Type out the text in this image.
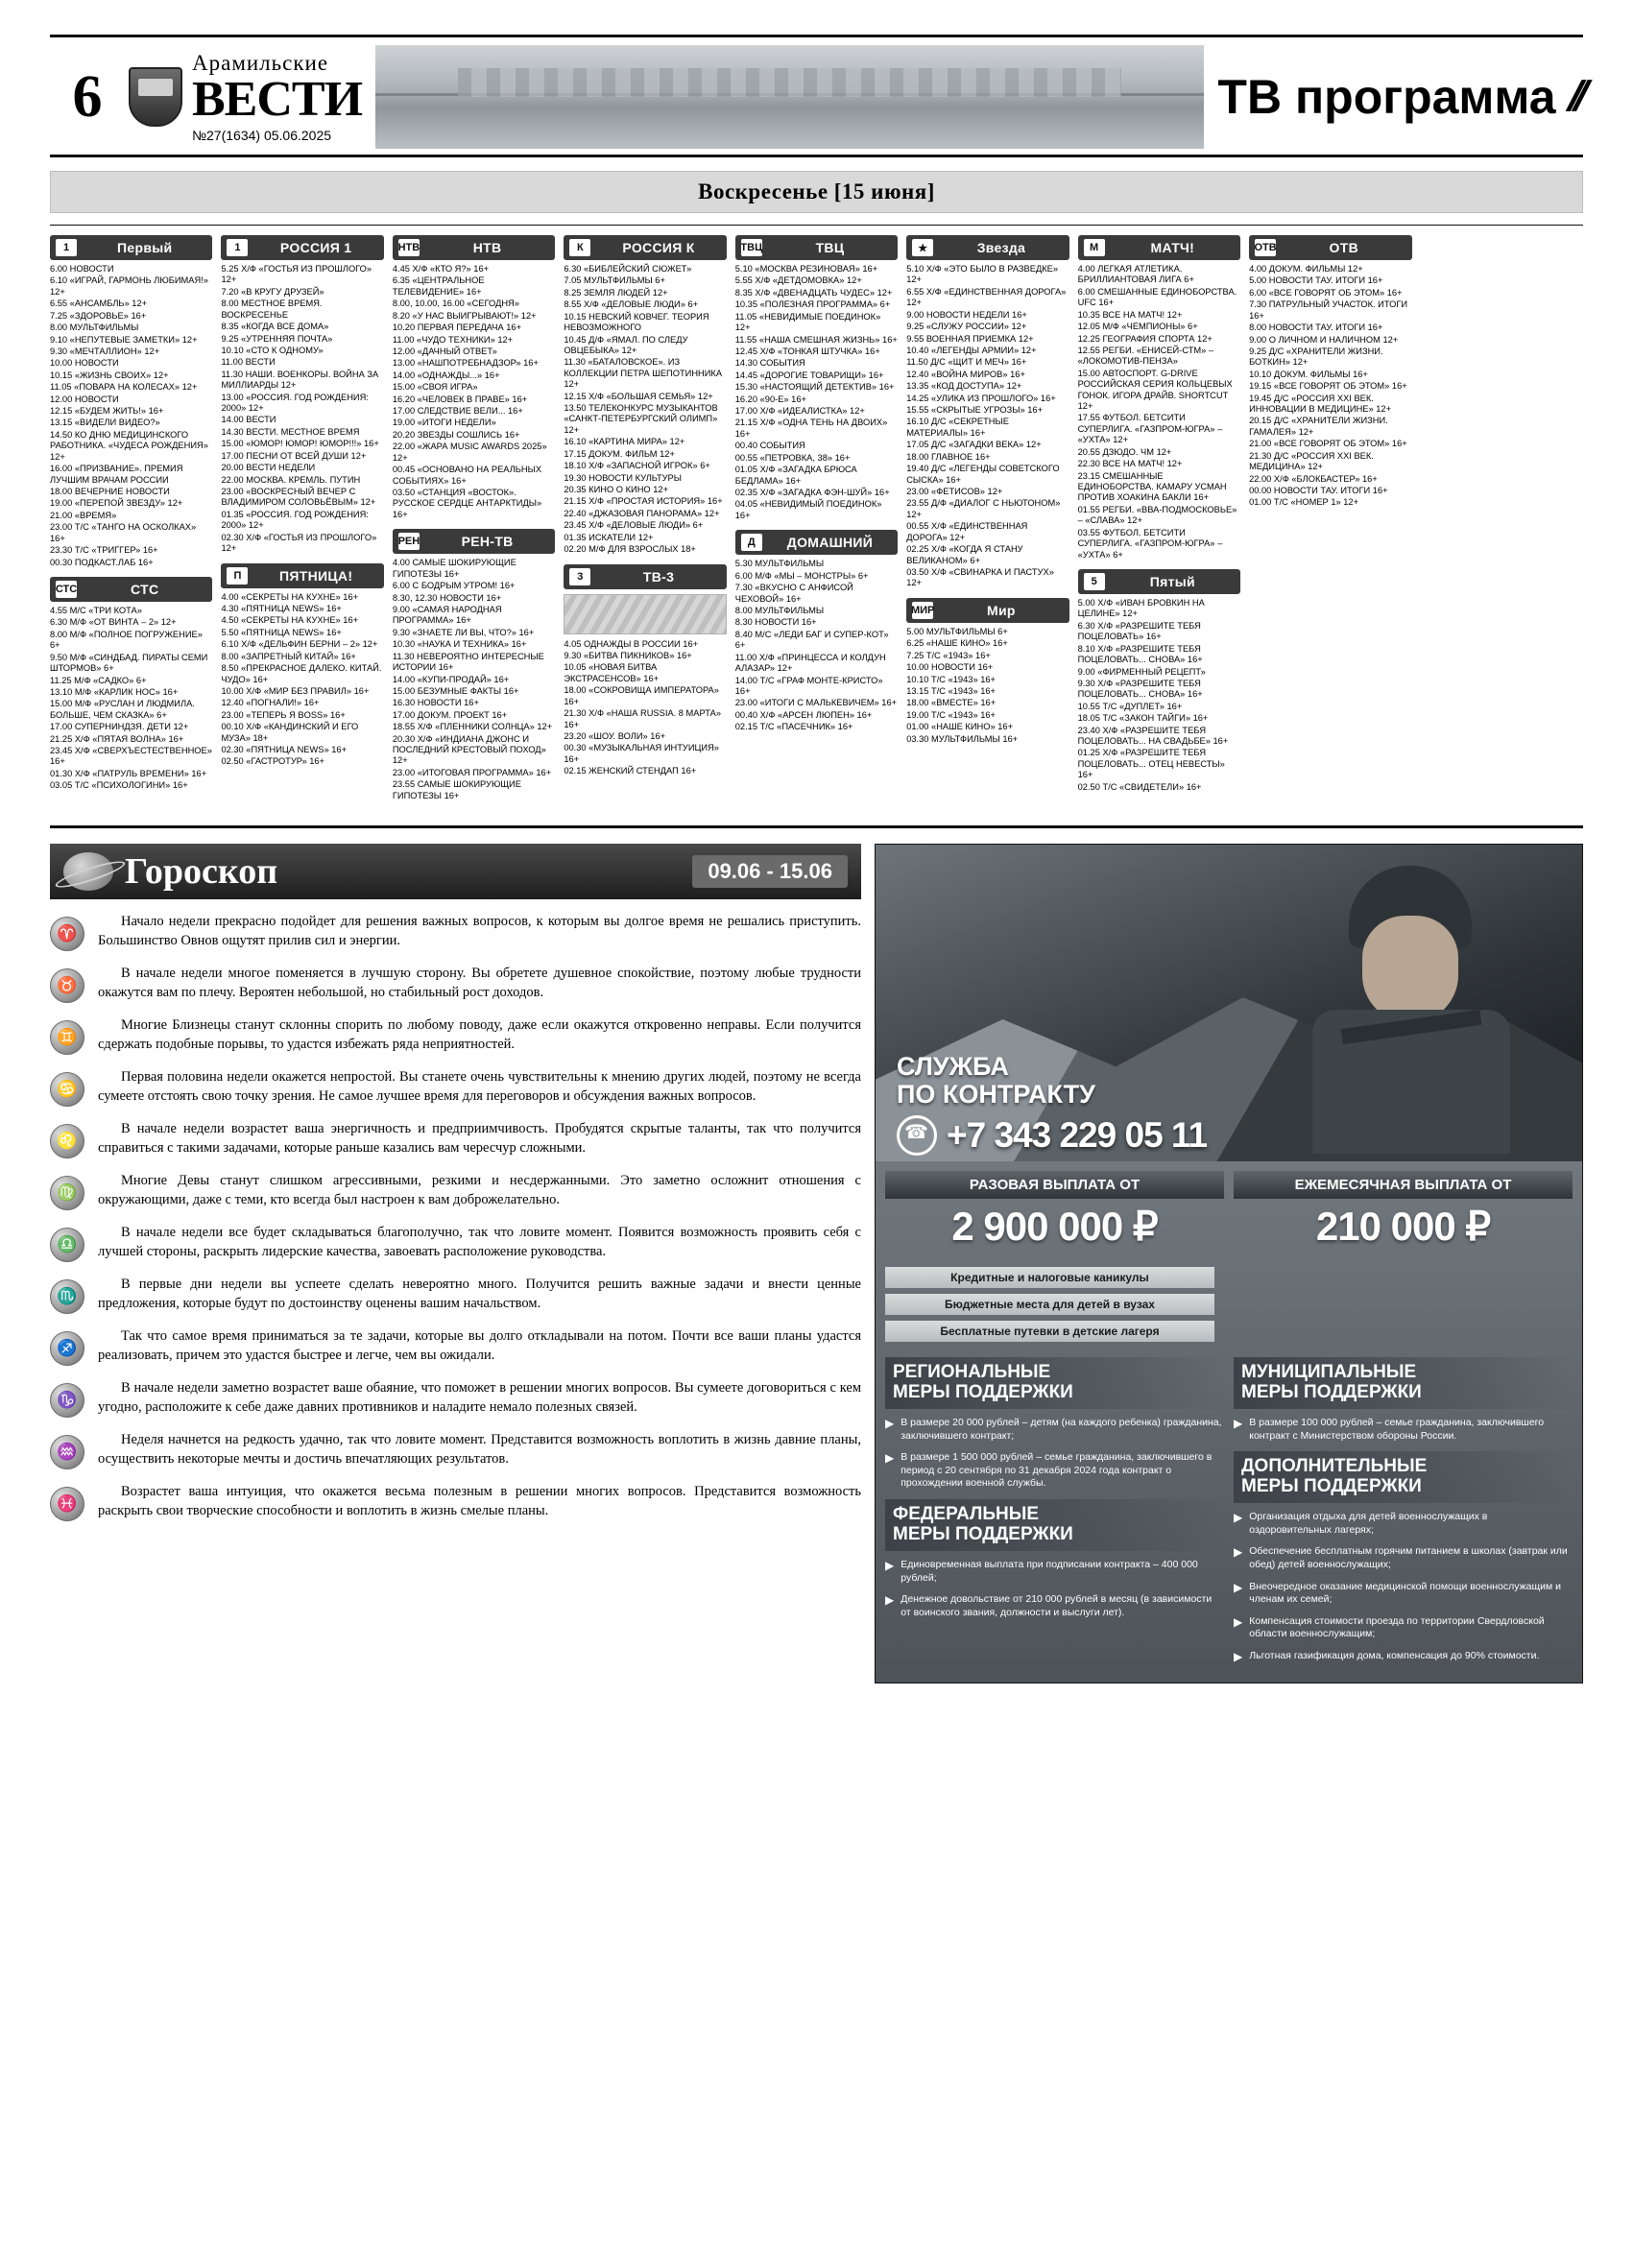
6
Арамильские
ВЕСТИ
№27(1634) 05.06.2025
ТВ программа //
Воскресенье [15 июня]
1	Первый
6.00 НОВОСТИ
6.10 «ИГРАЙ, ГАРМОНЬ ЛЮБИМАЯ!» 12+
6.55 «АНСАМБЛЬ» 12+
7.25 «ЗДОРОВЬЕ» 16+
8.00 МУЛЬТФИЛЬМЫ
9.10 «НЕПУТЕВЫЕ ЗАМЕТКИ» 12+
9.30 «МЕЧТАЛЛИОН» 12+
10.00 НОВОСТИ
10.15 «ЖИЗНЬ СВОИХ» 12+
11.05 «ПОВАРА НА КОЛЕСАХ» 12+
12.00 НОВОСТИ
12.15 «БУДЕМ ЖИТЬ!» 16+
13.15 «ВИДЕЛИ ВИДЕО?»
14.50 КО ДНЮ МЕДИЦИНСКОГО РАБОТНИКА. «ЧУДЕСА РОЖДЕНИЯ» 12+
16.00 «ПРИЗВАНИЕ». ПРЕМИЯ ЛУЧШИМ ВРАЧАМ РОССИИ
18.00 ВЕЧЕРНИЕ НОВОСТИ
19.00 «ПЕРЕПОЙ ЗВЕЗДУ» 12+
21.00 «ВРЕМЯ»
23.00 Т/С «ТАНГО НА ОСКОЛКАХ» 16+
23.30 Т/С «ТРИГГЕР» 16+
00.30 ПОДКАСТ.ЛАБ 16+
СТС	СТС
4.55 М/С «ТРИ КОТА»
6.30 М/Ф «ОТ ВИНТА – 2» 12+
8.00 М/Ф «ПОЛНОЕ ПОГРУЖЕНИЕ» 6+
9.50 М/Ф «СИНДБАД. ПИРАТЫ СЕМИ ШТОРМОВ» 6+
11.25 М/Ф «САДКО» 6+
13.10 М/Ф «КАРЛИК НОС» 16+
15.00 М/Ф «РУСЛАН И ЛЮДМИЛА. БОЛЬШЕ, ЧЕМ СКАЗКА» 6+
17.00 СУПЕРНИНДЗЯ. ДЕТИ 12+
21.25 Х/Ф «ПЯТАЯ ВОЛНА» 16+
23.45 Х/Ф «СВЕРХЪЕСТЕСТВЕННОЕ» 16+
01.30 Х/Ф «ПАТРУЛЬ ВРЕМЕНИ» 16+
03.05 Т/С «ПСИХОЛОГИНИ» 16+
1	РОССИЯ 1
5.25 Х/Ф «ГОСТЬЯ ИЗ ПРОШЛОГО» 12+
7.20 «В КРУГУ ДРУЗЕЙ»
8.00 МЕСТНОЕ ВРЕМЯ. ВОСКРЕСЕНЬЕ
8.35 «КОГДА ВСЕ ДОМА»
9.25 «УТРЕННЯЯ ПОЧТА»
10.10 «СТО К ОДНОМУ»
11.00 ВЕСТИ
11.30 НАШИ. ВОЕНКОРЫ. ВОЙНА ЗА МИЛЛИАРДЫ 12+
13.00 «РОССИЯ. ГОД РОЖДЕНИЯ: 2000» 12+
14.00 ВЕСТИ
14.30 ВЕСТИ. МЕСТНОЕ ВРЕМЯ
15.00 «ЮМОР! ЮМОР! ЮМОР!!!» 16+
17.00 ПЕСНИ ОТ ВСЕЙ ДУШИ 12+
20.00 ВЕСТИ НЕДЕЛИ
22.00 МОСКВА. КРЕМЛЬ. ПУТИН
23.00 «ВОСКРЕСНЫЙ ВЕЧЕР С ВЛАДИМИРОМ СОЛОВЬЁВЫМ» 12+
01.35 «РОССИЯ. ГОД РОЖДЕНИЯ: 2000» 12+
02.30 Х/Ф «ГОСТЬЯ ИЗ ПРОШЛОГО» 12+
П	ПЯТНИЦА!
4.00 «СЕКРЕТЫ НА КУХНЕ» 16+
4.30 «ПЯТНИЦА NEWS» 16+
4.50 «СЕКРЕТЫ НА КУХНЕ» 16+
5.50 «ПЯТНИЦА NEWS» 16+
6.10 Х/Ф «ДЕЛЬФИН БЕРНИ – 2» 12+
8.00 «ЗАПРЕТНЫЙ КИТАЙ» 16+
8.50 «ПРЕКРАСНОЕ ДАЛЕКО. КИТАЙ. ЧУДО» 16+
10.00 Х/Ф «МИР БЕЗ ПРАВИЛ» 16+
12.40 «ПОГНАЛИ!» 16+
23.00 «ТЕПЕРЬ Я BOSS» 16+
00.10 Х/Ф «КАНДИНСКИЙ И ЕГО МУЗА» 18+
02.30 «ПЯТНИЦА NEWS» 16+
02.50 «ГАСТРОТУР» 16+
НТВ	НТВ
4.45 Х/Ф «КТО Я?» 16+
6.35 «ЦЕНТРАЛЬНОЕ ТЕЛЕВИДЕНИЕ» 16+
8.00, 10.00, 16.00 «СЕГОДНЯ»
8.20 «У НАС ВЫИГРЫВАЮТ!» 12+
10.20 ПЕРВАЯ ПЕРЕДАЧА 16+
11.00 «ЧУДО ТЕХНИКИ» 12+
12.00 «ДАЧНЫЙ ОТВЕТ»
13.00 «НАШПОТРЕБНАДЗОР» 16+
14.00 «ОДНАЖДЫ...» 16+
15.00 «СВОЯ ИГРА»
16.20 «ЧЕЛОВЕК В ПРАВЕ» 16+
17.00 СЛЕДСТВИЕ ВЕЛИ... 16+
19.00 «ИТОГИ НЕДЕЛИ»
20.20 ЗВЕЗДЫ СОШЛИСЬ 16+
22.00 «ЖАРА MUSIC AWARDS 2025» 12+
00.45 «ОСНОВАНО НА РЕАЛЬНЫХ СОБЫТИЯХ» 16+
03.50 «СТАНЦИЯ «ВОСТОК». РУССКОЕ СЕРДЦЕ АНТАРКТИДЫ» 16+
РЕН	РЕН-ТВ
4.00 САМЫЕ ШОКИРУЮЩИЕ ГИПОТЕЗЫ 16+
6.00 С БОДРЫМ УТРОМ! 16+
8.30, 12.30 НОВОСТИ 16+
9.00 «САМАЯ НАРОДНАЯ ПРОГРАММА» 16+
9.30 «ЗНАЕТЕ ЛИ ВЫ, ЧТО?» 16+
10.30 «НАУКА И ТЕХНИКА» 16+
11.30 НЕВЕРОЯТНО ИНТЕРЕСНЫЕ ИСТОРИИ 16+
14.00 «КУПИ-ПРОДАЙ» 16+
15.00 БЕЗУМНЫЕ ФАКТЫ 16+
16.30 НОВОСТИ 16+
17.00 ДОКУМ. ПРОЕКТ 16+
18.55 Х/Ф «ПЛЕННИКИ СОЛНЦА» 12+
20.30 Х/Ф «ИНДИАНА ДЖОНС И ПОСЛЕДНИЙ КРЕСТОВЫЙ ПОХОД» 12+
23.00 «ИТОГОВАЯ ПРОГРАММА» 16+
23.55 САМЫЕ ШОКИРУЮЩИЕ ГИПОТЕЗЫ 16+
К	РОССИЯ К
6.30 «БИБЛЕЙСКИЙ СЮЖЕТ»
7.05 МУЛЬТФИЛЬМЫ 6+
8.25 ЗЕМЛЯ ЛЮДЕЙ 12+
8.55 Х/Ф «ДЕЛОВЫЕ ЛЮДИ» 6+
10.15 НЕВСКИЙ КОВЧЕГ. ТЕОРИЯ НЕВОЗМОЖНОГО
10.45 Д/Ф «ЯМАЛ. ПО СЛЕДУ ОВЦЕБЫКА» 12+
11.30 «БАТАЛОВСКОЕ». ИЗ КОЛЛЕКЦИИ ПЕТРА ШЕПОТИННИКА 12+
12.15 Х/Ф «БОЛЬШАЯ СЕМЬЯ» 12+
13.50 ТЕЛЕКОНКУРС МУЗЫКАНТОВ «САНКТ-ПЕТЕРБУРГСКИЙ ОЛИМП» 12+
16.10 «КАРТИНА МИРА» 12+
17.15 ДОКУМ. ФИЛЬМ 12+
18.10 Х/Ф «ЗАПАСНОЙ ИГРОК» 6+
19.30 НОВОСТИ КУЛЬТУРЫ
20.35 КИНО О КИНО 12+
21.15 Х/Ф «ПРОСТАЯ ИСТОРИЯ» 16+
22.40 «ДЖАЗОВАЯ ПАНОРАМА» 12+
23.45 Х/Ф «ДЕЛОВЫЕ ЛЮДИ» 6+
01.35 ИСКАТЕЛИ 12+
02.20 М/Ф ДЛЯ ВЗРОСЛЫХ 18+
3	ТВ-3
4.05 ОДНАЖДЫ В РОССИИ 16+
9.30 «БИТВА ПИКНИКОВ» 16+
10.05 «НОВАЯ БИТВА ЭКСТРАСЕНСОВ» 16+
18.00 «СОКРОВИЩА ИМПЕРАТОРА» 16+
21.30 Х/Ф «НАША RUSSIA. 8 МАРТА» 16+
23.20 «ШОУ. ВОЛИ» 16+
00.30 «МУЗЫКАЛЬНАЯ ИНТУИЦИЯ» 16+
02.15 ЖЕНСКИЙ СТЕНДАП 16+
ТВЦ	ТВЦ
5.10 «МОСКВА РЕЗИНОВАЯ» 16+
5.55 Х/Ф «ДЕТДОМОВКА» 12+
8.35 Х/Ф «ДВЕНАДЦАТЬ ЧУДЕС» 12+
10.35 «ПОЛЕЗНАЯ ПРОГРАММА» 6+
11.05 «НЕВИДИМЫЕ ПОЕДИНОК» 12+
11.55 «НАША СМЕШНАЯ ЖИЗНЬ» 16+
12.45 Х/Ф «ТОНКАЯ ШТУЧКА» 16+
14.30 СОБЫТИЯ
14.45 «ДОРОГИЕ ТОВАРИЩИ» 16+
15.30 «НАСТОЯЩИЙ ДЕТЕКТИВ» 16+
16.20 «90-Е» 16+
17.00 Х/Ф «ИДЕАЛИСТКА» 12+
21.15 Х/Ф «ОДНА ТЕНЬ НА ДВОИХ» 16+
00.40 СОБЫТИЯ
00.55 «ПЕТРОВКА, 38» 16+
01.05 Х/Ф «ЗАГАДКА БРЮСА БЕДЛАМА» 16+
02.35 Х/Ф «ЗАГАДКА ФЭН-ШУЙ» 16+
04.05 «НЕВИДИМЫЙ ПОЕДИНОК» 16+
Д	ДОМАШНИЙ
5.30 МУЛЬТФИЛЬМЫ
6.00 М/Ф «МЫ – МОНСТРЫ» 6+
7.30 «ВКУСНО С АНФИСОЙ ЧЕХОВОЙ» 16+
8.00 МУЛЬТФИЛЬМЫ
8.30 НОВОСТИ 16+
8.40 М/С «ЛЕДИ БАГ И СУПЕР-КОТ» 6+
11.00 Х/Ф «ПРИНЦЕССА И КОЛДУН АЛАЗАР» 12+
14.00 Т/С «ГРАФ МОНТЕ-КРИСТО» 16+
23.00 «ИТОГИ С МАЛЬКЕВИЧЕМ» 16+
00.40 Х/Ф «АРСЕН ЛЮПЕН» 16+
02.15 Т/С «ПАСЕЧНИК» 16+
★	Звезда
5.10 Х/Ф «ЭТО БЫЛО В РАЗВЕДКЕ» 12+
6.55 Х/Ф «ЕДИНСТВЕННАЯ ДОРОГА» 12+
9.00 НОВОСТИ НЕДЕЛИ 16+
9.25 «СЛУЖУ РОССИИ» 12+
9.55 ВОЕННАЯ ПРИЕМКА 12+
10.40 «ЛЕГЕНДЫ АРМИИ» 12+
11.50 Д/С «ЩИТ И МЕЧ» 16+
12.40 «ВОЙНА МИРОВ» 16+
13.35 «КОД ДОСТУПА» 12+
14.25 «УЛИКА ИЗ ПРОШЛОГО» 16+
15.55 «СКРЫТЫЕ УГРОЗЫ» 16+
16.10 Д/С «СЕКРЕТНЫЕ МАТЕРИАЛЫ» 16+
17.05 Д/С «ЗАГАДКИ ВЕКА» 12+
18.00 ГЛАВНОЕ 16+
19.40 Д/С «ЛЕГЕНДЫ СОВЕТСКОГО СЫСКА» 16+
23.00 «ФЕТИСОВ» 12+
23.55 Д/Ф «ДИАЛОГ С НЬЮТОНОМ» 12+
00.55 Х/Ф «ЕДИНСТВЕННАЯ ДОРОГА» 12+
02.25 Х/Ф «КОГДА Я СТАНУ ВЕЛИКАНОМ» 6+
03.50 Х/Ф «СВИНАРКА И ПАСТУХ» 12+
МИР	Мир
5.00 МУЛЬТФИЛЬМЫ 6+
6.25 «НАШЕ КИНО» 16+
7.25 Т/С «1943» 16+
10.00 НОВОСТИ 16+
10.10 Т/С «1943» 16+
13.15 Т/С «1943» 16+
18.00 «ВМЕСТЕ» 16+
19.00 Т/С «1943» 16+
01.00 «НАШЕ КИНО» 16+
03.30 МУЛЬТФИЛЬМЫ 16+
М	МАТЧ!
4.00 ЛЕГКАЯ АТЛЕТИКА. БРИЛЛИАНТОВАЯ ЛИГА 6+
6.00 СМЕШАННЫЕ ЕДИНОБОРСТВА. UFC 16+
10.35 ВСЕ НА МАТЧ! 12+
12.05 М/Ф «ЧЕМПИОНЫ» 6+
12.25 ГЕОГРАФИЯ СПОРТА 12+
12.55 РЕГБИ. «ЕНИСЕЙ-СТМ» – «ЛОКОМОТИВ-ПЕНЗА»
15.00 АВТОСПОРТ. G-DRIVE РОССИЙСКАЯ СЕРИЯ КОЛЬЦЕВЫХ ГОНОК. ИГОРА ДРАЙВ. SHORTCUT 12+
17.55 ФУТБОЛ. БЕТСИТИ СУПЕРЛИГА. «ГАЗПРОМ-ЮГРА» – «УХТА» 12+
20.55 ДЗЮДО. ЧМ 12+
22.30 ВСЕ НА МАТЧ! 12+
23.15 СМЕШАННЫЕ ЕДИНОБОРСТВА. КАМАРУ УСМАН ПРОТИВ ХОАКИНА БАКЛИ 16+
01.55 РЕГБИ. «ВВА-ПОДМОСКОВЬЕ» – «СЛАВА» 12+
03.55 ФУТБОЛ. БЕТСИТИ СУПЕРЛИГА. «ГАЗПРОМ-ЮГРА» – «УХТА» 6+
5	Пятый
5.00 Х/Ф «ИВАН БРОВКИН НА ЦЕЛИНЕ» 12+
6.30 Х/Ф «РАЗРЕШИТЕ ТЕБЯ ПОЦЕЛОВАТЬ» 16+
8.10 Х/Ф «РАЗРЕШИТЕ ТЕБЯ ПОЦЕЛОВАТЬ... СНОВА» 16+
9.00 «ФИРМЕННЫЙ РЕЦЕПТ»
9.30 Х/Ф «РАЗРЕШИТЕ ТЕБЯ ПОЦЕЛОВАТЬ... СНОВА» 16+
10.55 Т/С «ДУПЛЕТ» 16+
18.05 Т/С «ЗАКОН ТАЙГИ» 16+
23.40 Х/Ф «РАЗРЕШИТЕ ТЕБЯ ПОЦЕЛОВАТЬ... НА СВАДЬБЕ» 16+
01.25 Х/Ф «РАЗРЕШИТЕ ТЕБЯ ПОЦЕЛОВАТЬ... ОТЕЦ НЕВЕСТЫ» 16+
02.50 Т/С «СВИДЕТЕЛИ» 16+
ОТВ	ОТВ
4.00 ДОКУМ. ФИЛЬМЫ 12+
5.00 НОВОСТИ ТАУ. ИТОГИ 16+
6.00 «ВСЕ ГОВОРЯТ ОБ ЭТОМ» 16+
7.30 ПАТРУЛЬНЫЙ УЧАСТОК. ИТОГИ 16+
8.00 НОВОСТИ ТАУ. ИТОГИ 16+
9.00 О ЛИЧНОМ И НАЛИЧНОМ 12+
9.25 Д/С «ХРАНИТЕЛИ ЖИЗНИ. БОТКИН» 12+
10.10 ДОКУМ. ФИЛЬМЫ 16+
19.15 «ВСЕ ГОВОРЯТ ОБ ЭТОМ» 16+
19.45 Д/С «РОССИЯ XXI ВЕК. ИННОВАЦИИ В МЕДИЦИНЕ» 12+
20.15 Д/С «ХРАНИТЕЛИ ЖИЗНИ. ГАМАЛЕЯ» 12+
21.00 «ВСЕ ГОВОРЯТ ОБ ЭТОМ» 16+
21.30 Д/С «РОССИЯ XXI ВЕК. МЕДИЦИНА» 12+
22.00 Х/Ф «БЛОКБАСТЕР» 16+
00.00 НОВОСТИ ТАУ. ИТОГИ 16+
01.00 Т/С «НОМЕР 1» 12+
Гороскоп	09.06 - 15.06
♈

Начало недели прекрасно подойдет для решения важных вопросов, к которым вы долгое время не решались приступить. Большинство Овнов ощутят прилив сил и энергии.

♉

В начале недели многое поменяется в лучшую сторону. Вы обретете душевное спокойствие, поэтому любые трудности окажутся вам по плечу. Вероятен небольшой, но стабильный рост доходов.

♊

Многие Близнецы станут склонны спорить по любому поводу, даже если окажутся откровенно неправы. Если получится сдержать подобные порывы, то удастся избежать ряда неприятностей.

♋

Первая половина недели окажется непростой. Вы станете очень чувствительны к мнению других людей, поэтому не всегда сумеете отстоять свою точку зрения. Не самое лучшее время для переговоров и обсуждения важных вопросов.

♌

В начале недели возрастет ваша энергичность и предприимчивость. Пробудятся скрытые таланты, так что получится справиться с такими задачами, которые раньше казались вам чересчур сложными.

♍

Многие Девы станут слишком агрессивными, резкими и несдержанными. Это заметно осложнит отношения с окружающими, даже с теми, кто всегда был настроен к вам доброжелательно.

♎

В начале недели все будет складываться благополучно, так что ловите момент. Появится возможность проявить себя с лучшей стороны, раскрыть лидерские качества, завоевать расположение руководства.

♏

В первые дни недели вы успеете сделать невероятно много. Получится решить важные задачи и внести ценные предложения, которые будут по достоинству оценены вашим начальством.

♐

Так что самое время приниматься за те задачи, которые вы долго откладывали на потом. Почти все ваши планы удастся реализовать, причем это удастся быстрее и легче, чем вы ожидали.

♑

В начале недели заметно возрастет ваше обаяние, что поможет в решении многих вопросов. Вы сумеете договориться с кем угодно, расположите к себе даже давних противников и наладите немало полезных связей.

♒

Неделя начнется на редкость удачно, так что ловите момент. Представится возможность воплотить в жизнь давние планы, осуществить некоторые мечты и достичь впечатляющих результатов.

♓

Возрастет ваша интуиция, что окажется весьма полезным в решении многих вопросов. Представится возможность раскрыть свои творческие способности и воплотить в жизнь смелые планы.

СЛУЖБА
ПО КОНТРАКТУ
☎
+7 343 229 05 11
РАЗОВАЯ ВЫПЛАТА ОТ
2 900 000 ₽
ЕЖЕМЕСЯЧНАЯ ВЫПЛАТА ОТ
210 000 ₽
Кредитные и налоговые каникулы
Бюджетные места для детей в вузах
Бесплатные путевки в детские лагеря
РЕГИОНАЛЬНЫЕ
МЕРЫ ПОДДЕРЖКИ
▶ В размере 20 000 рублей – детям (на каждого ребенка) гражданина, заключившего контракт;
▶ В размере 1 500 000 рублей – семье гражданина, заключившего в период с 20 сентября по 31 декабря 2024 года контракт о прохождении военной службы.
ФЕДЕРАЛЬНЫЕ
МЕРЫ ПОДДЕРЖКИ
▶ Единовременная выплата при подписании контракта – 400 000 рублей;
▶ Денежное довольствие от 210 000 рублей в месяц (в зависимости от воинского звания, должности и выслуги лет).
МУНИЦИПАЛЬНЫЕ
МЕРЫ ПОДДЕРЖКИ
▶ В размере 100 000 рублей – семье гражданина, заключившего контракт с Министерством обороны России.
ДОПОЛНИТЕЛЬНЫЕ
МЕРЫ ПОДДЕРЖКИ
▶ Организация отдыха для детей военнослужащих в оздоровительных лагерях;
▶ Обеспечение бесплатным горячим питанием в школах (завтрак или обед) детей военнослужащих;
▶ Внеочередное оказание медицинской помощи военнослужащим и членам их семей;
▶ Компенсация стоимости проезда по территории Свердловской области военнослужащим;
▶ Льготная газификация дома, компенсация до 90% стоимости.
